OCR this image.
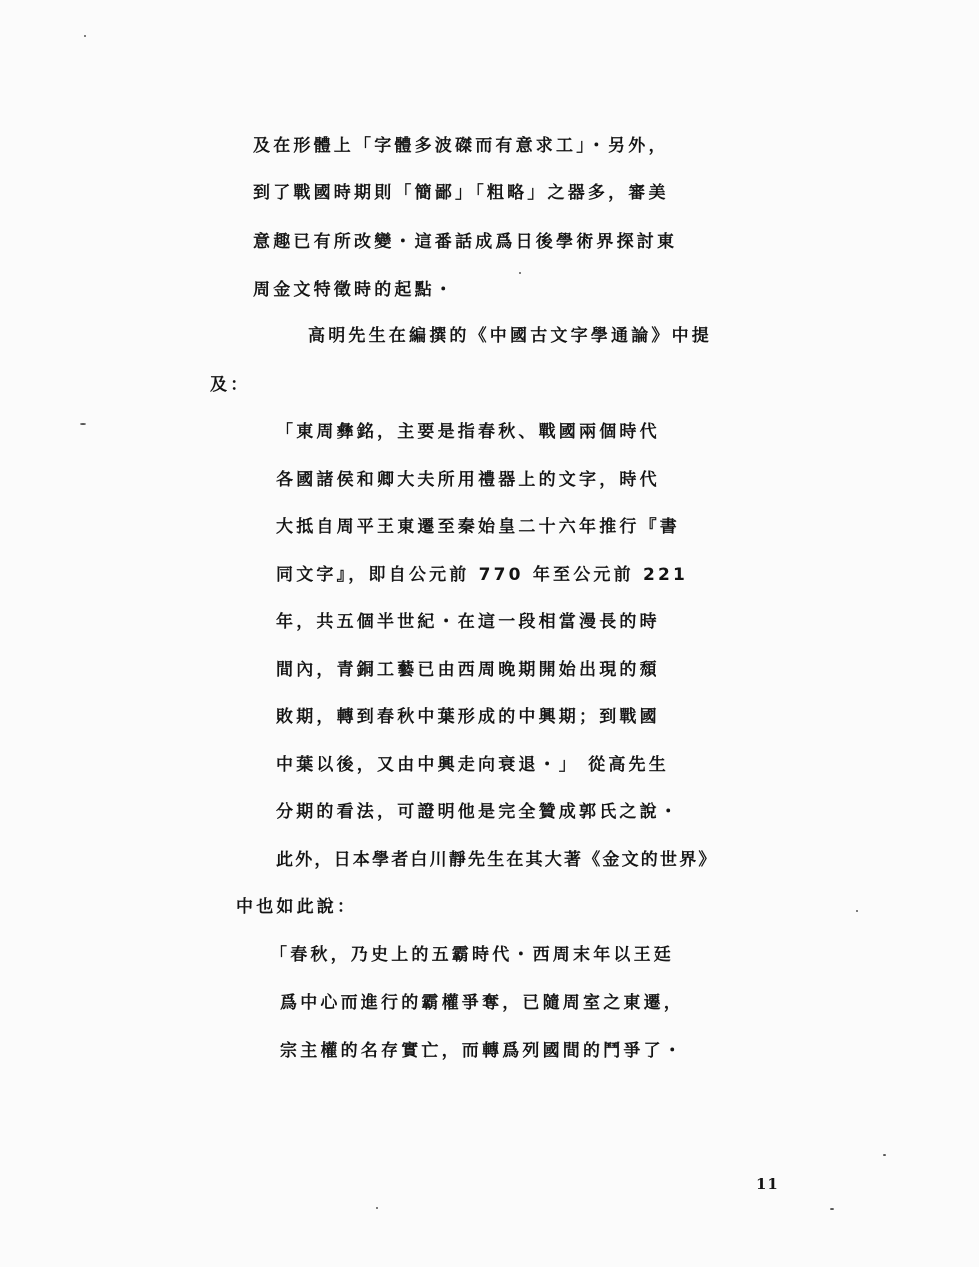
及在形體上「字體多波磔而有意求工」・另外，
到了戰國時期則「簡鄙」「粗略」之器多，審美
意趣已有所改變・這番話成爲日後學術界探討東
周金文特徵時的起點・
高明先生在編撰的《中國古文字學通論》中提
及：
「東周彝銘，主要是指春秋、戰國兩個時代
各國諸侯和卿大夫所用禮器上的文字，時代
大抵自周平王東遷至秦始皇二十六年推行『書
同文字』，即自公元前 770 年至公元前 221
年，共五個半世紀・在這一段相當漫長的時
間內，青銅工藝已由西周晚期開始出現的頹
敗期，轉到春秋中葉形成的中興期；到戰國
中葉以後，又由中興走向衰退・」 從高先生
分期的看法，可證明他是完全贊成郭氏之說・
此外，日本學者白川靜先生在其大著《金文的世界》
中也如此說：
「春秋，乃史上的五霸時代・西周末年以王廷
爲中心而進行的霸權爭奪，已隨周室之東遷，
宗主權的名存實亡，而轉爲列國間的鬥爭了・
11
